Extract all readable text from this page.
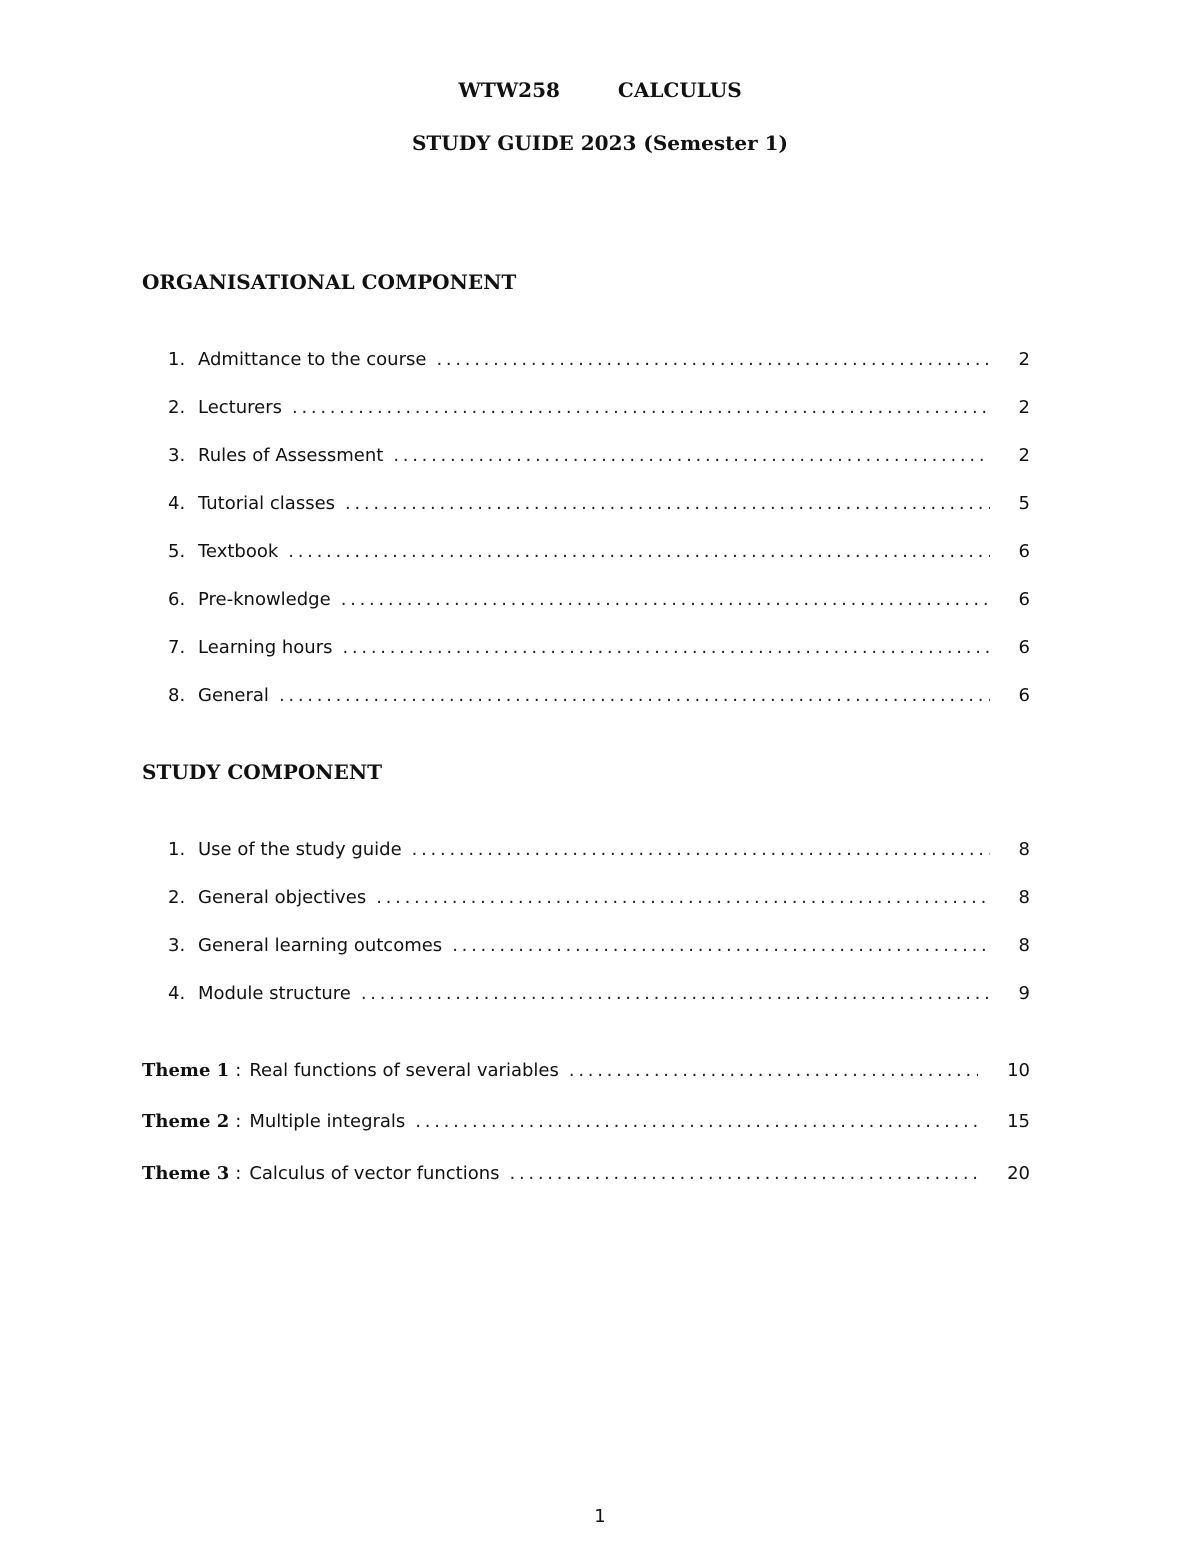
WTW258	CALCULUS
STUDY GUIDE 2023 (Semester 1)
ORGANISATIONAL COMPONENT
1. Admittance to the course . . .	2
2. Lecturers . . .	2
3. Rules of Assessment . . .	2
4. Tutorial classes . . .	5
5. Textbook . . .	6
6. Pre-knowledge . . .	6
7. Learning hours . . .	6
8. General . . .	6
STUDY COMPONENT
1. Use of the study guide . . .	8
2. General objectives . . .	8
3. General learning outcomes . . .	8
4. Module structure . . .	9
Theme 1 : Real functions of several variables . . .	10
Theme 2 : Multiple integrals . . .	15
Theme 3 : Calculus of vector functions . . .	20
1
